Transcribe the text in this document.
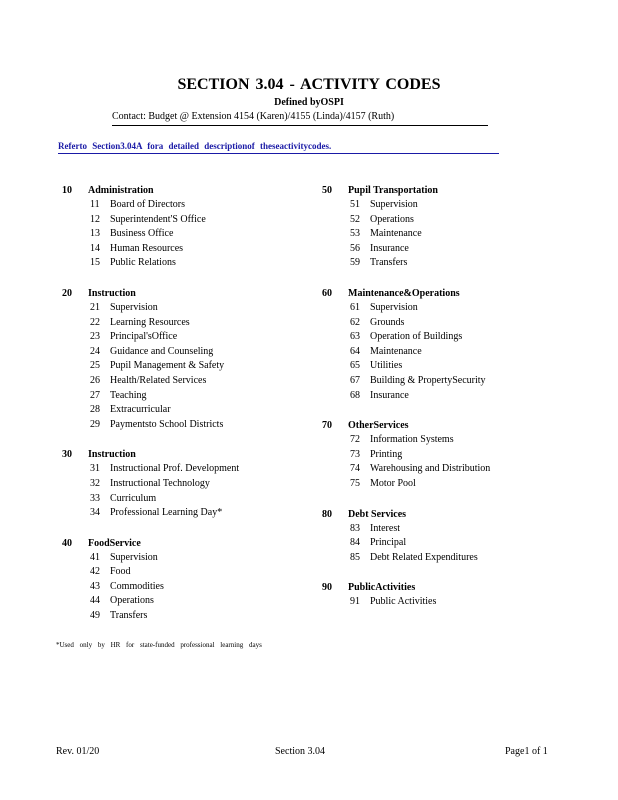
SECTION 3.04 - ACTIVITY CODES
Defined byOSPI
Contact: Budget @ Extension 4154 (Karen)/4155 (Linda)/4157 (Ruth)
Referto Section3.04A fora detailed descriptionof theseactivitycodes.
10 Administration
11 Board of Directors
12 Superintendent'S Office
13 Business Office
14 Human Resources
15 Public Relations
20 Instruction
21 Supervision
22 Learning Resources
23 Principal'sOffice
24 Guidance and Counseling
25 Pupil Management & Safety
26 Health/Related Services
27 Teaching
28 Extracurricular
29 Paymentsto School Districts
30 Instruction
31 Instructional Prof. Development
32 Instructional Technology
33 Curriculum
34 Professional Learning Day*
40 FoodService
41 Supervision
42 Food
43 Commodities
44 Operations
49 Transfers
50 Pupil Transportation
51 Supervision
52 Operations
53 Maintenance
56 Insurance
59 Transfers
60 Maintenance&Operations
61 Supervision
62 Grounds
63 Operation of Buildings
64 Maintenance
65 Utilities
67 Building & PropertySecurity
68 Insurance
70 OtherServices
72 Information Systems
73 Printing
74 Warehousing and Distribution
75 Motor Pool
80 Debt Services
83 Interest
84 Principal
85 Debt Related Expenditures
90 PublicActivities
91 Public Activities
*Used only by HR for state-funded professional learning days
Rev. 01/20	Section 3.04	Page1 of 1
